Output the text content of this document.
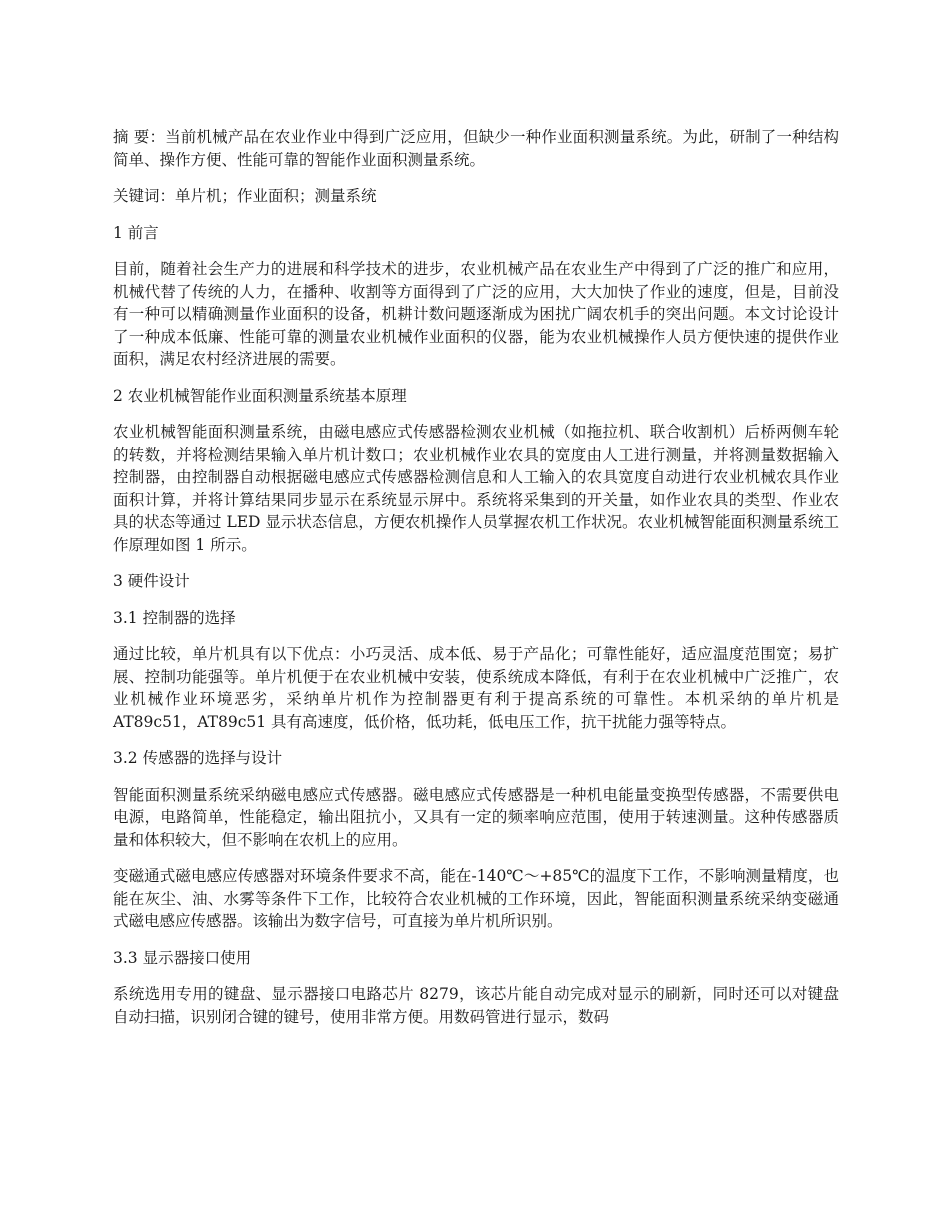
摘 要：当前机械产品在农业作业中得到广泛应用，但缺少一种作业面积测量系统。为此，研制了一种结构简单、操作方便、性能可靠的智能作业面积测量系统。

关键词：单片机；作业面积；测量系统

1 前言

目前，随着社会生产力的进展和科学技术的进步，农业机械产品在农业生产中得到了广泛的推广和应用，机械代替了传统的人力，在播种、收割等方面得到了广泛的应用，大大加快了作业的速度，但是，目前没有一种可以精确测量作业面积的设备，机耕计数问题逐渐成为困扰广阔农机手的突出问题。本文讨论设计了一种成本低廉、性能可靠的测量农业机械作业面积的仪器，能为农业机械操作人员方便快速的提供作业面积，满足农村经济进展的需要。

2 农业机械智能作业面积测量系统基本原理

农业机械智能面积测量系统，由磁电感应式传感器检测农业机械（如拖拉机、联合收割机）后桥两侧车轮的转数，并将检测结果输入单片机计数口；农业机械作业农具的宽度由人工进行测量，并将测量数据输入控制器，由控制器自动根据磁电感应式传感器检测信息和人工输入的农具宽度自动进行农业机械农具作业面积计算，并将计算结果同步显示在系统显示屏中。系统将采集到的开关量，如作业农具的类型、作业农具的状态等通过 LED 显示状态信息，方便农机操作人员掌握农机工作状况。农业机械智能面积测量系统工作原理如图 1 所示。

3 硬件设计

3.1 控制器的选择

通过比较，单片机具有以下优点：小巧灵活、成本低、易于产品化；可靠性能好，适应温度范围宽；易扩展、控制功能强等。单片机便于在农业机械中安装，使系统成本降低，有利于在农业机械中广泛推广，农业机械作业环境恶劣，采纳单片机作为控制器更有利于提高系统的可靠性。本机采纳的单片机是 AT89c51，AT89c51 具有高速度，低价格，低功耗，低电压工作，抗干扰能力强等特点。

3.2 传感器的选择与设计

智能面积测量系统采纳磁电感应式传感器。磁电感应式传感器是一种机电能量变换型传感器，不需要供电电源，电路简单，性能稳定，输出阻抗小，又具有一定的频率响应范围，使用于转速测量。这种传感器质量和体积较大，但不影响在农机上的应用。

变磁通式磁电感应传感器对环境条件要求不高，能在-140℃～+85℃的温度下工作，不影响测量精度，也能在灰尘、油、水雾等条件下工作，比较符合农业机械的工作环境，因此，智能面积测量系统采纳变磁通式磁电感应传感器。该输出为数字信号，可直接为单片机所识别。

3.3 显示器接口使用

系统选用专用的键盘、显示器接口电路芯片 8279，该芯片能自动完成对显示的刷新，同时还可以对键盘自动扫描，识别闭合键的键号，使用非常方便。用数码管进行显示，数码
